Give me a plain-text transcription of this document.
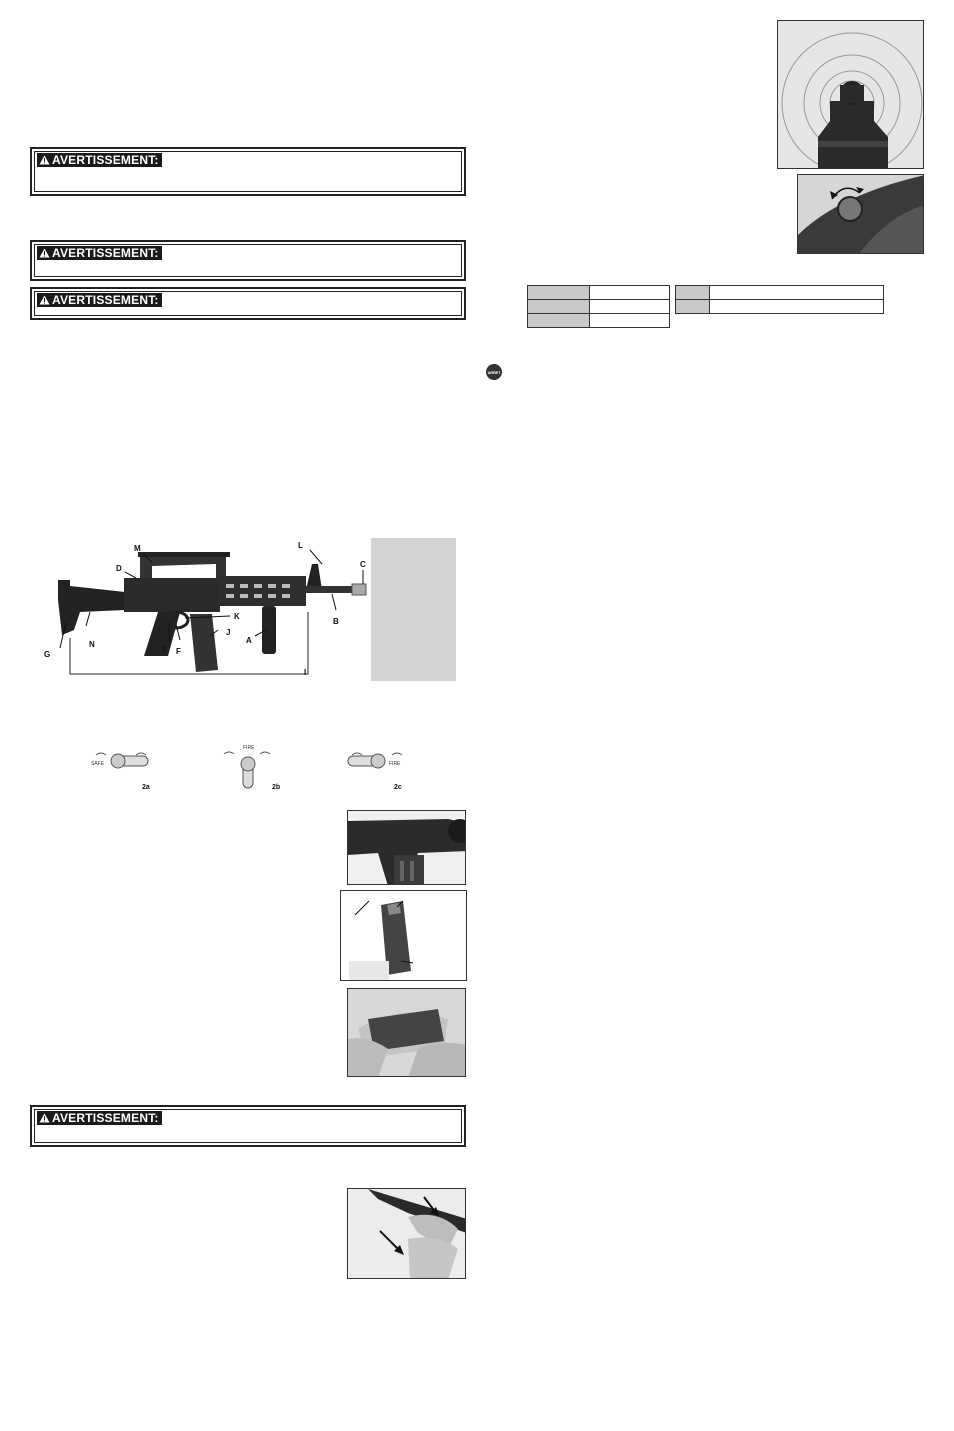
AVERTISSEMENT:
AVERTISSEMENT:
AVERTISSEMENT:
AVERTISSEMENT:
M
D
L
C
B
K
J
A
E F
N
G
I
SAFE
2a
FIRE
2b
FIRE
2c

ARRET
